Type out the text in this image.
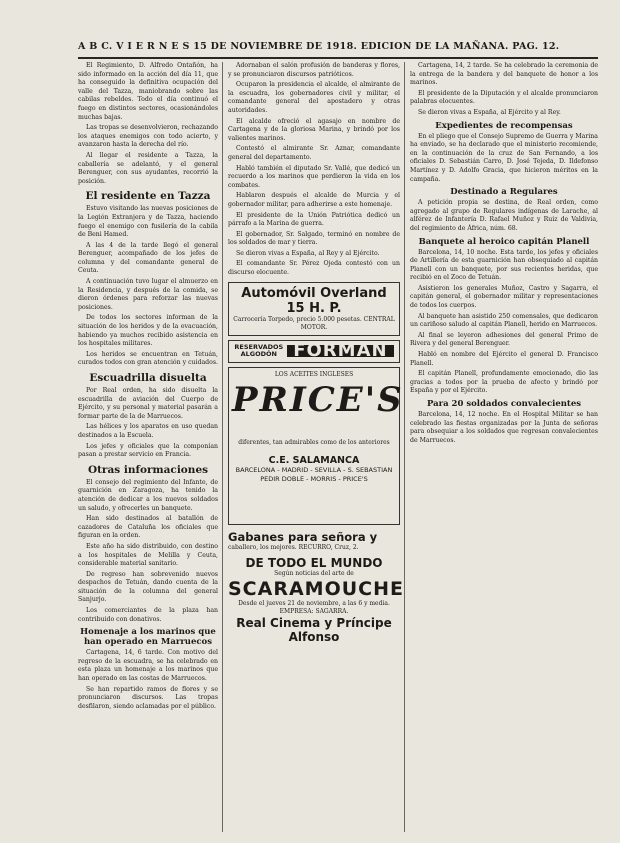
A B C. V I E R N E S 15 DE NOVIEMBRE DE 1918. EDICION DE LA MAÑANA. PAG. 12.

El Regimiento, D. Alfredo Ontañón, ha sido informado en la acción del día 11, que ha conseguido la definitiva ocupación del valle del Tazza, maniobrando sobre las cabilas rebeldes. Todo el día continuó el fuego en distintos sectores, ocasionándoles muchas bajas.

Las tropas se desenvolvieron, rechazando los ataques enemigos con todo acierto, y avanzaron hasta la derecha del río.

Al llegar el residente a Tazza, la caballería se adelantó, y el general Berenguer, con sus ayudantes, recorrió la posición.

El residente en Tazza

Estuvo visitando las nuevas posiciones de la Legión Extranjera y de Tazza, haciendo fuego el enemigo con fusilería de la cabila de Beni Hamed.

A las 4 de la tarde llegó el general Berenguer, acompañado de los jefes de columna y del comandante general de Ceuta.

A continuación tuvo lugar el almuerzo en la Residencia, y después de la comida, se dieron órdenes para reforzar las nuevas posiciones.

De todos los sectores informan de la situación de los heridos y de la evacuación, habiendo ya muchos recibido asistencia en los hospitales militares.

Los heridos se encuentran en Tetuán, curados todos con gran atención y cuidados.

Escuadrilla disuelta

Por Real orden, ha sido disuelta la escuadrilla de aviación del Cuerpo de Ejército, y su personal y material pasarán a formar parte de la de Marruecos.

Las hélices y los aparatos en uso quedan destinados a la Escuela.

Los jefes y oficiales que la componían pasan a prestar servicio en Francia.

Otras informaciones

El consejo del regimiento del Infante, de guarnición en Zaragoza, ha tenido la atención de dedicar a los nuevos soldados un saludo, y ofrecerles un banquete.

Han sido destinados al batallón de cazadores de Cataluña los oficiales que figuran en la orden.

Este año ha sido distribuido, con destino a los hospitales de Melilla y Ceuta, considerable material sanitario.

De regreso han sobrevenido nuevos despachos de Tetuán, dando cuenta de la situación de la columna del general Sanjurjo.

Los comerciantes de la plaza han contribuido con donativos.

Homenaje a los marinos que han operado en Marruecos

Cartagena, 14, 6 tarde. Con motivo del regreso de la escuadra, se ha celebrado en esta plaza un homenaje a los marinos que han operado en las costas de Marruecos.

Se han repartido ramos de flores y se pronunciaron discursos. Las tropas desfilaron, siendo aclamadas por el público.

Adornaban el salón profusión de banderas y flores, y se pronunciaron discursos patrióticos.

Ocuparon la presidencia el alcalde, el almirante de la escuadra, los gobernadores civil y militar, el comandante general del apostadero y otras autoridades.

El alcalde ofreció el agasajo en nombre de Cartagena y de la gloriosa Marina, y brindó por los valientes marinos.

Contestó el almirante Sr. Aznar, comandante general del departamento.

Habló también el diputado Sr. Vallé, que dedicó un recuerdo a los marinos que perdieron la vida en los combates.

Hablaron después el alcalde de Murcia y el gobernador militar, para adherirse a este homenaje.

El presidente de la Unión Patriótica dedicó un párrafo a la Marina de guerra.

El gobernador, Sr. Salgado, terminó en nombre de los soldados de mar y tierra.

Se dieron vivas a España, al Rey y al Ejército.

El comandante Sr. Pérez Ojeda contestó con un discurso elocuente.

Automóvil Overland 15 H. P.
Carrocería Torpedo, precio 5.000 pesetas. CENTRAL MOTOR.
RESERVADOS
ALGODÓN FORMAN
LOS ACEITES INGLESES
PRICE'S
diferentes, tan admirables como de los anteriores
C.E. SALAMANCA
BARCELONA - MADRID - SEVILLA - S. SEBASTIAN
PEDIR DOBLE - MORRIS - PRICE'S
Gabanes para señora y
caballero, los mejores. RECURRO, Cruz, 2.
DE TODO EL MUNDO
Según noticias del arte de
SCARAMOUCHE
Desde el jueves 21 de noviembre, a las 6 y media. EMPRESA: SAGARRA.
Real Cinema y Príncipe Alfonso

Cartagena, 14, 2 tarde. Se ha celebrado la ceremonia de la entrega de la bandera y del banquete de honor a los marinos.

El presidente de la Diputación y el alcalde pronunciaron palabras elocuentes.

Se dieron vivas a España, al Ejército y al Rey.

Expedientes de recompensas

En el pliego que el Consejo Supremo de Guerra y Marina ha enviado, se ha declarado que el ministerio recomiende, en la continuación de la cruz de San Fernando, a los oficiales D. Sebastián Carro, D. José Tejeda, D. Ildefonso Martínez y D. Adolfo Gracia, que hicieron méritos en la campaña.

Destinado a Regulares

A petición propia se destina, de Real orden, como agregado al grupo de Regulares indígenas de Larache, al alférez de Infantería D. Rafael Muñoz y Ruiz de Valdivia, del regimiento de África, núm. 68.

Banquete al heroico capitán Planell

Barcelona, 14, 10 noche. Esta tarde, los jefes y oficiales de Artillería de esta guarnición han obsequiado al capitán Planell con un banquete, por sus recientes heridas, que recibió en el Zoco de Tetuán.

Asistieron los generales Muñoz, Castro y Sagarra, el capitán general, el gobernador militar y representaciones de todos los cuerpos.

Al banquete han asistido 250 comensales, que dedicaron un cariñoso saludo al capitán Planell, herido en Marruecos.

Al final se leyeron adhesiones del general Primo de Rivera y del general Berenguer.

Habló en nombre del Ejército el general D. Francisco Planell.

El capitán Planell, profundamente emocionado, dio las gracias a todos por la prueba de afecto y brindó por España y por el Ejército.

Para 20 soldados convalecientes

Barcelona, 14, 12 noche. En el Hospital Militar se han celebrado las fiestas organizadas por la Junta de señoras para obsequiar a los soldados que regresan convalecientes de Marruecos.
